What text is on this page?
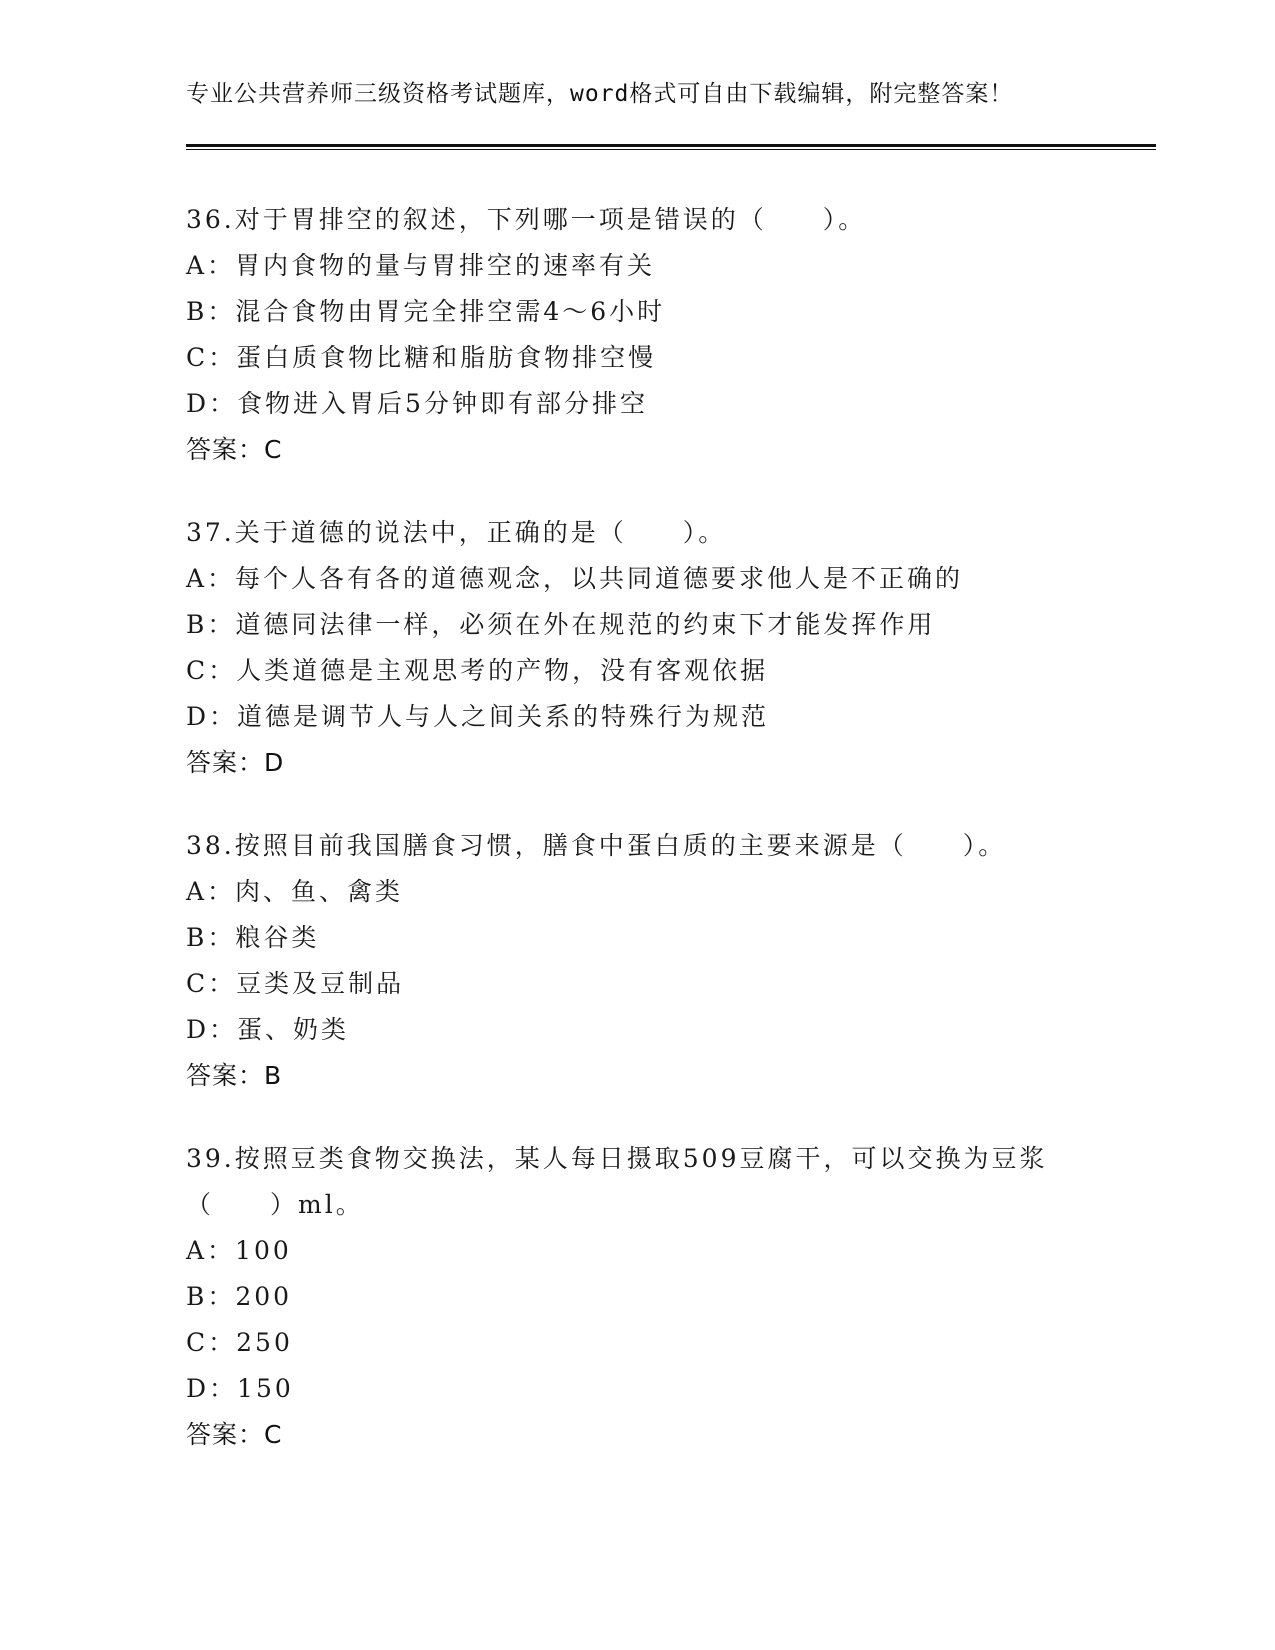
专业公共营养师三级资格考试题库，word格式可自由下载编辑，附完整答案！
36.对于胃排空的叙述，下列哪一项是错误的（　　）。
A：胃内食物的量与胃排空的速率有关
B：混合食物由胃完全排空需4～6小时
C：蛋白质食物比糖和脂肪食物排空慢
D：食物进入胃后5分钟即有部分排空
答案：C
37.关于道德的说法中，正确的是（　　）。
A：每个人各有各的道德观念，以共同道德要求他人是不正确的
B：道德同法律一样，必须在外在规范的约束下才能发挥作用
C：人类道德是主观思考的产物，没有客观依据
D：道德是调节人与人之间关系的特殊行为规范
答案：D
38.按照目前我国膳食习惯，膳食中蛋白质的主要来源是（　　）。
A：肉、鱼、禽类
B：粮谷类
C：豆类及豆制品
D：蛋、奶类
答案：B
39.按照豆类食物交换法，某人每日摄取509豆腐干，可以交换为豆浆
（　　）ml。
A：100
B：200
C：250
D：150
答案：C
